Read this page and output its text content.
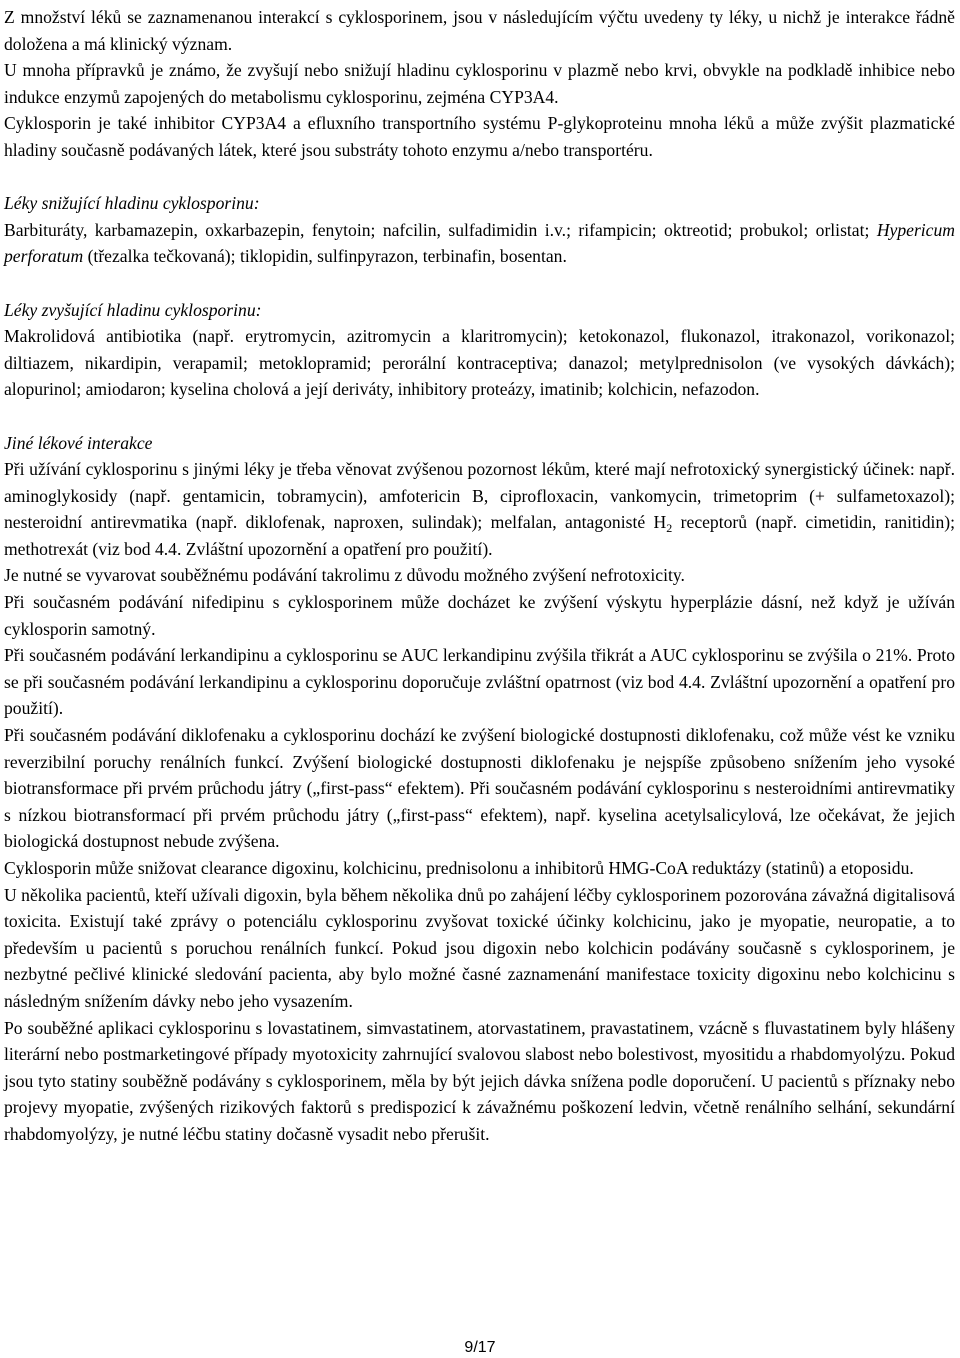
Z množství léků se zaznamenanou interakcí s cyklosporinem, jsou v následujícím výčtu uvedeny ty léky, u nichž je interakce řádně doložena a má klinický význam.

U mnoha přípravků je známo, že zvyšují nebo snižují hladinu cyklosporinu v plazmě nebo krvi, obvykle na podkladě inhibice nebo indukce enzymů zapojených do metabolismu cyklosporinu, zejména CYP3A4.

Cyklosporin je také inhibitor CYP3A4 a efluxního transportního systému P-glykoproteinu mnoha léků a může zvýšit plazmatické hladiny současně podávaných látek, které jsou substráty tohoto enzymu a/nebo transportéru.

Léky snižující hladinu cyklosporinu:

Barbituráty, karbamazepin, oxkarbazepin, fenytoin; nafcilin, sulfadimidin i.v.; rifampicin; oktreotid; probukol; orlistat; Hypericum perforatum (třezalka tečkovaná); tiklopidin, sulfinpyrazon, terbinafin, bosentan.

Léky zvyšující hladinu cyklosporinu:

Makrolidová antibiotika (např. erytromycin, azitromycin a klaritromycin); ketokonazol, flukonazol, itrakonazol, vorikonazol; diltiazem, nikardipin, verapamil; metoklopramid; perorální kontraceptiva; danazol; metylprednisolon (ve vysokých dávkách); alopurinol; amiodaron; kyselina cholová a její deriváty, inhibitory proteázy, imatinib; kolchicin, nefazodon.

Jiné lékové interakce

Při užívání cyklosporinu s jinými léky je třeba věnovat zvýšenou pozornost lékům, které mají nefrotoxický synergistický účinek: např. aminoglykosidy (např. gentamicin, tobramycin), amfotericin B, ciprofloxacin, vankomycin, trimetoprim (+ sulfametoxazol); nesteroidní antirevmatika (např. diklofenak, naproxen, sulindak); melfalan, antagonisté $H_2$ receptorů (např. cimetidin, ranitidin); methotrexát (viz bod 4.4. Zvláštní upozornění a opatření pro použití).

Je nutné se vyvarovat souběžnému podávání takrolimu z důvodu možného zvýšení nefrotoxicity.

Při současném podávání nifedipinu s cyklosporinem může docházet ke zvýšení výskytu hyperplázie dásní, než když je užíván cyklosporin samotný.

Při současném podávání lerkandipinu a cyklosporinu se AUC lerkandipinu zvýšila třikrát a AUC cyklosporinu se zvýšila o 21%. Proto se při současném podávání lerkandipinu a cyklosporinu doporučuje zvláštní opatrnost (viz bod 4.4. Zvláštní upozornění a opatření pro použití).

Při současném podávání diklofenaku a cyklosporinu dochází ke zvýšení biologické dostupnosti diklofenaku, což může vést ke vzniku reverzibilní poruchy renálních funkcí. Zvýšení biologické dostupnosti diklofenaku je nejspíše způsobeno snížením jeho vysoké biotransformace při prvém průchodu játry („first-pass“ efektem). Při současném podávání cyklosporinu s nesteroidními antirevmatiky s nízkou biotransformací při prvém průchodu játry („first-pass“ efektem), např. kyselina acetylsalicylová, lze očekávat, že jejich biologická dostupnost nebude zvýšena.

Cyklosporin může snižovat clearance digoxinu, kolchicinu, prednisolonu a inhibitorů HMG-CoA reduktázy (statinů) a etoposidu.

U několika pacientů, kteří užívali digoxin, byla během několika dnů po zahájení léčby cyklosporinem pozorována závažná digitalisová toxicita. Existují také zprávy o potenciálu cyklosporinu zvyšovat toxické účinky kolchicinu, jako je myopatie, neuropatie, a to především u pacientů s poruchou renálních funkcí. Pokud jsou digoxin nebo kolchicin podávány současně s cyklosporinem, je nezbytné pečlivé klinické sledování pacienta, aby bylo možné časné zaznamenání manifestace toxicity digoxinu nebo kolchicinu s následným snížením dávky nebo jeho vysazením.

Po souběžné aplikaci cyklosporinu s lovastatinem, simvastatinem, atorvastatinem, pravastatinem, vzácně s fluvastatinem byly hlášeny literární nebo postmarketingové případy myotoxicity zahrnující svalovou slabost nebo bolestivost, myositidu a rhabdomyolýzu. Pokud jsou tyto statiny souběžně podávány s cyklosporinem, měla by být jejich dávka snížena podle doporučení. U pacientů s příznaky nebo projevy myopatie, zvýšených rizikových faktorů s predispozicí k závažnému poškození ledvin, včetně renálního selhání, sekundární rhabdomyolýzy, je nutné léčbu statiny dočasně vysadit nebo přerušit.

9/17
